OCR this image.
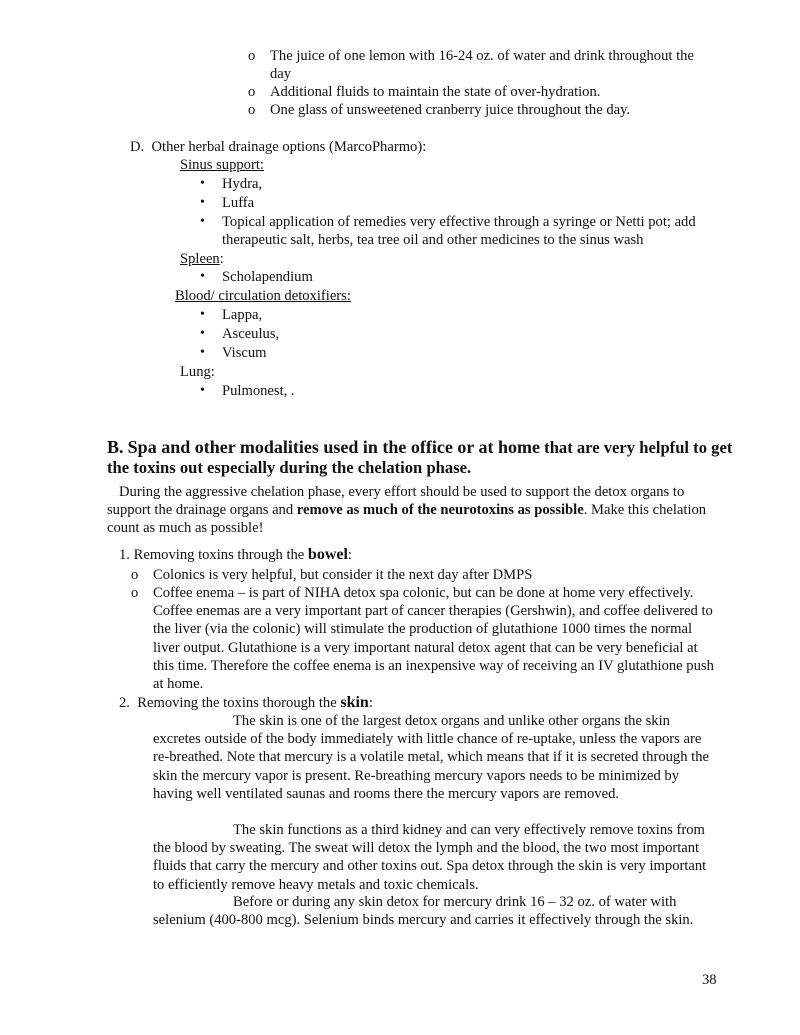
o	The juice of one lemon with 16-24 oz. of water and drink throughout the day
o	Additional fluids to maintain the state of over-hydration.
o	One glass of unsweetened cranberry juice throughout the day.
D. Other herbal drainage options (MarcoPharmo):
Sinus support:
•	Hydra,
•	Luffa
•	Topical application of remedies very effective through a syringe or Netti pot; add therapeutic salt, herbs, tea tree oil and other medicines to the sinus wash
Spleen:
•	Scholapendium
Blood/ circulation detoxifiers:
•	Lappa,
•	Asceulus,
•	Viscum
Lung:
•	Pulmonest, .
B. Spa and other modalities used in the office or at home that are very helpful to get the toxins out especially during the chelation phase.
During the aggressive chelation phase, every effort should be used to support the detox organs to support the drainage organs and remove as much of the neurotoxins as possible. Make this chelation count as much as possible!
1. Removing toxins through the bowel:
o	Colonics is very helpful, but consider it the next day after DMPS
o	Coffee enema – is part of NIHA detox spa colonic, but can be done at home very effectively. Coffee enemas are a very important part of cancer therapies (Gershwin), and coffee delivered to the liver (via the colonic) will stimulate the production of glutathione 1000 times the normal liver output. Glutathione is a very important natural detox agent that can be very beneficial at this time. Therefore the coffee enema is an inexpensive way of receiving an IV glutathione push at home.
2. Removing the toxins thorough the skin:
The skin is one of the largest detox organs and unlike other organs the skin excretes outside of the body immediately with little chance of re-uptake, unless the vapors are re-breathed. Note that mercury is a volatile metal, which means that if it is secreted through the skin the mercury vapor is present. Re-breathing mercury vapors needs to be minimized by having well ventilated saunas and rooms there the mercury vapors are removed.
The skin functions as a third kidney and can very effectively remove toxins from the blood by sweating. The sweat will detox the lymph and the blood, the two most important fluids that carry the mercury and other toxins out. Spa detox through the skin is very important to efficiently remove heavy metals and toxic chemicals.
Before or during any skin detox for mercury drink 16 – 32 oz. of water with selenium (400-800 mcg). Selenium binds mercury and carries it effectively through the skin.
38
